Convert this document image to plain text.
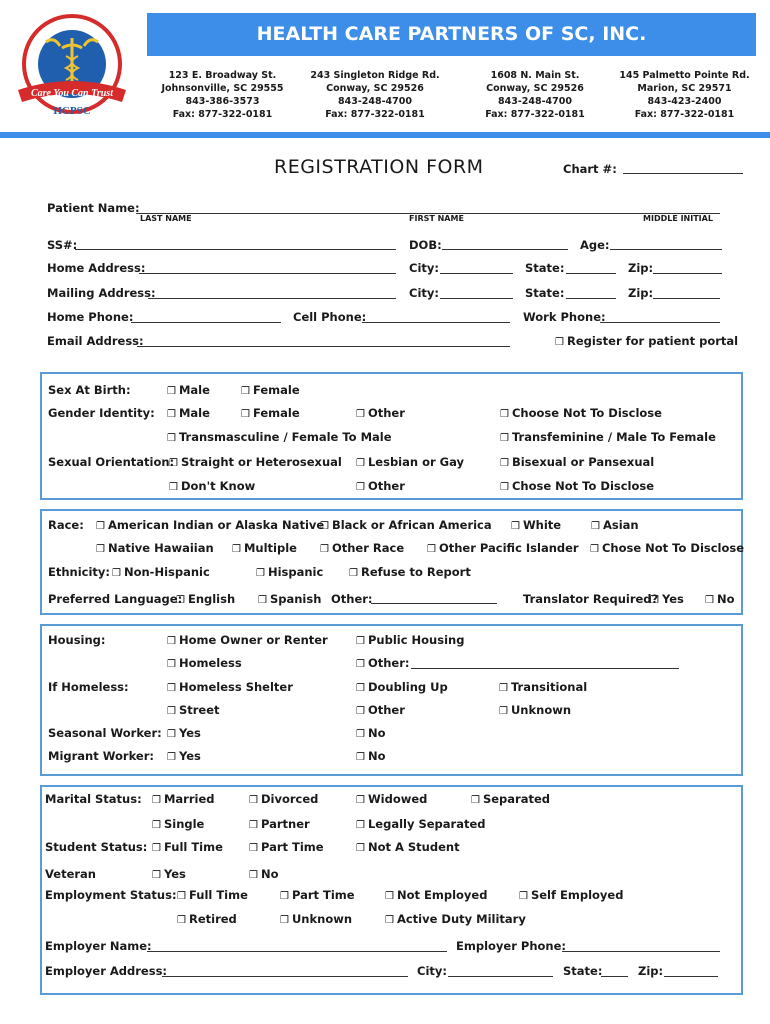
Care You Can Trust
HCPSC
HEALTH CARE PARTNERS OF SC, INC.
123 E. Broadway St.
Johnsonville, SC 29555
843-386-3573
Fax: 877-322-0181
243 Singleton Ridge Rd.
Conway, SC 29526
843-248-4700
Fax: 877-322-0181
1608 N. Main St.
Conway, SC 29526
843-248-4700
Fax: 877-322-0181
145 Palmetto Pointe Rd.
Marion, SC 29571
843-423-2400
Fax: 877-322-0181
REGISTRATION FORM	Chart #:
Patient Name:
LAST NAME	FIRST NAME	MIDDLE INITIAL
SS#:	DOB:	Age:
Home Address:	City:	State:	Zip:
Mailing Address:	City:	State:	Zip:
Home Phone:	Cell Phone:	Work Phone:
Email Address:	❒ Register for patient portal
Sex At Birth:	❒ Male	❒ Female
Gender Identity:	❒ Male	❒ Female	❒ Other	❒ Choose Not To Disclose
❒ Transmasculine / Female To Male	❒ Transfeminine / Male To Female
Sexual Orientation: ❒ Straight or Heterosexual	❒ Lesbian or Gay	❒ Bisexual or Pansexual
❒ Don't Know	❒ Other	❒ Chose Not To Disclose
Race:	❒ American Indian or Alaska Native ❒ Black or African America	❒ White	❒ Asian
❒ Native Hawaiian	❒ Multiple	❒ Other Race	❒ Other Pacific Islander	❒ Chose Not To Disclose
Ethnicity:	❒ Non-Hispanic	❒ Hispanic	❒ Refuse to Report
Preferred Language: ❒ English	❒ Spanish Other:	Translator Required? ❒ Yes	❒ No
Housing:	❒ Home Owner or Renter	❒ Public Housing
❒ Homeless	❒ Other:
If Homeless:	❒ Homeless Shelter	❒ Doubling Up	❒ Transitional
❒ Street	❒ Other	❒ Unknown
Seasonal Worker:	❒ Yes	❒ No
Migrant Worker:	❒ Yes	❒ No
Marital Status:	❒ Married	❒ Divorced	❒ Widowed	❒ Separated
❒ Single	❒ Partner	❒ Legally Separated
Student Status:	❒ Full Time	❒ Part Time	❒ Not A Student
Veteran	❒ Yes	❒ No
Employment Status:	❒ Full Time	❒ Part Time	❒ Not Employed	❒ Self Employed
❒ Retired	❒ Unknown	❒ Active Duty Military
Employer Name:	Employer Phone:
Employer Address:	City:	State:	Zip:
